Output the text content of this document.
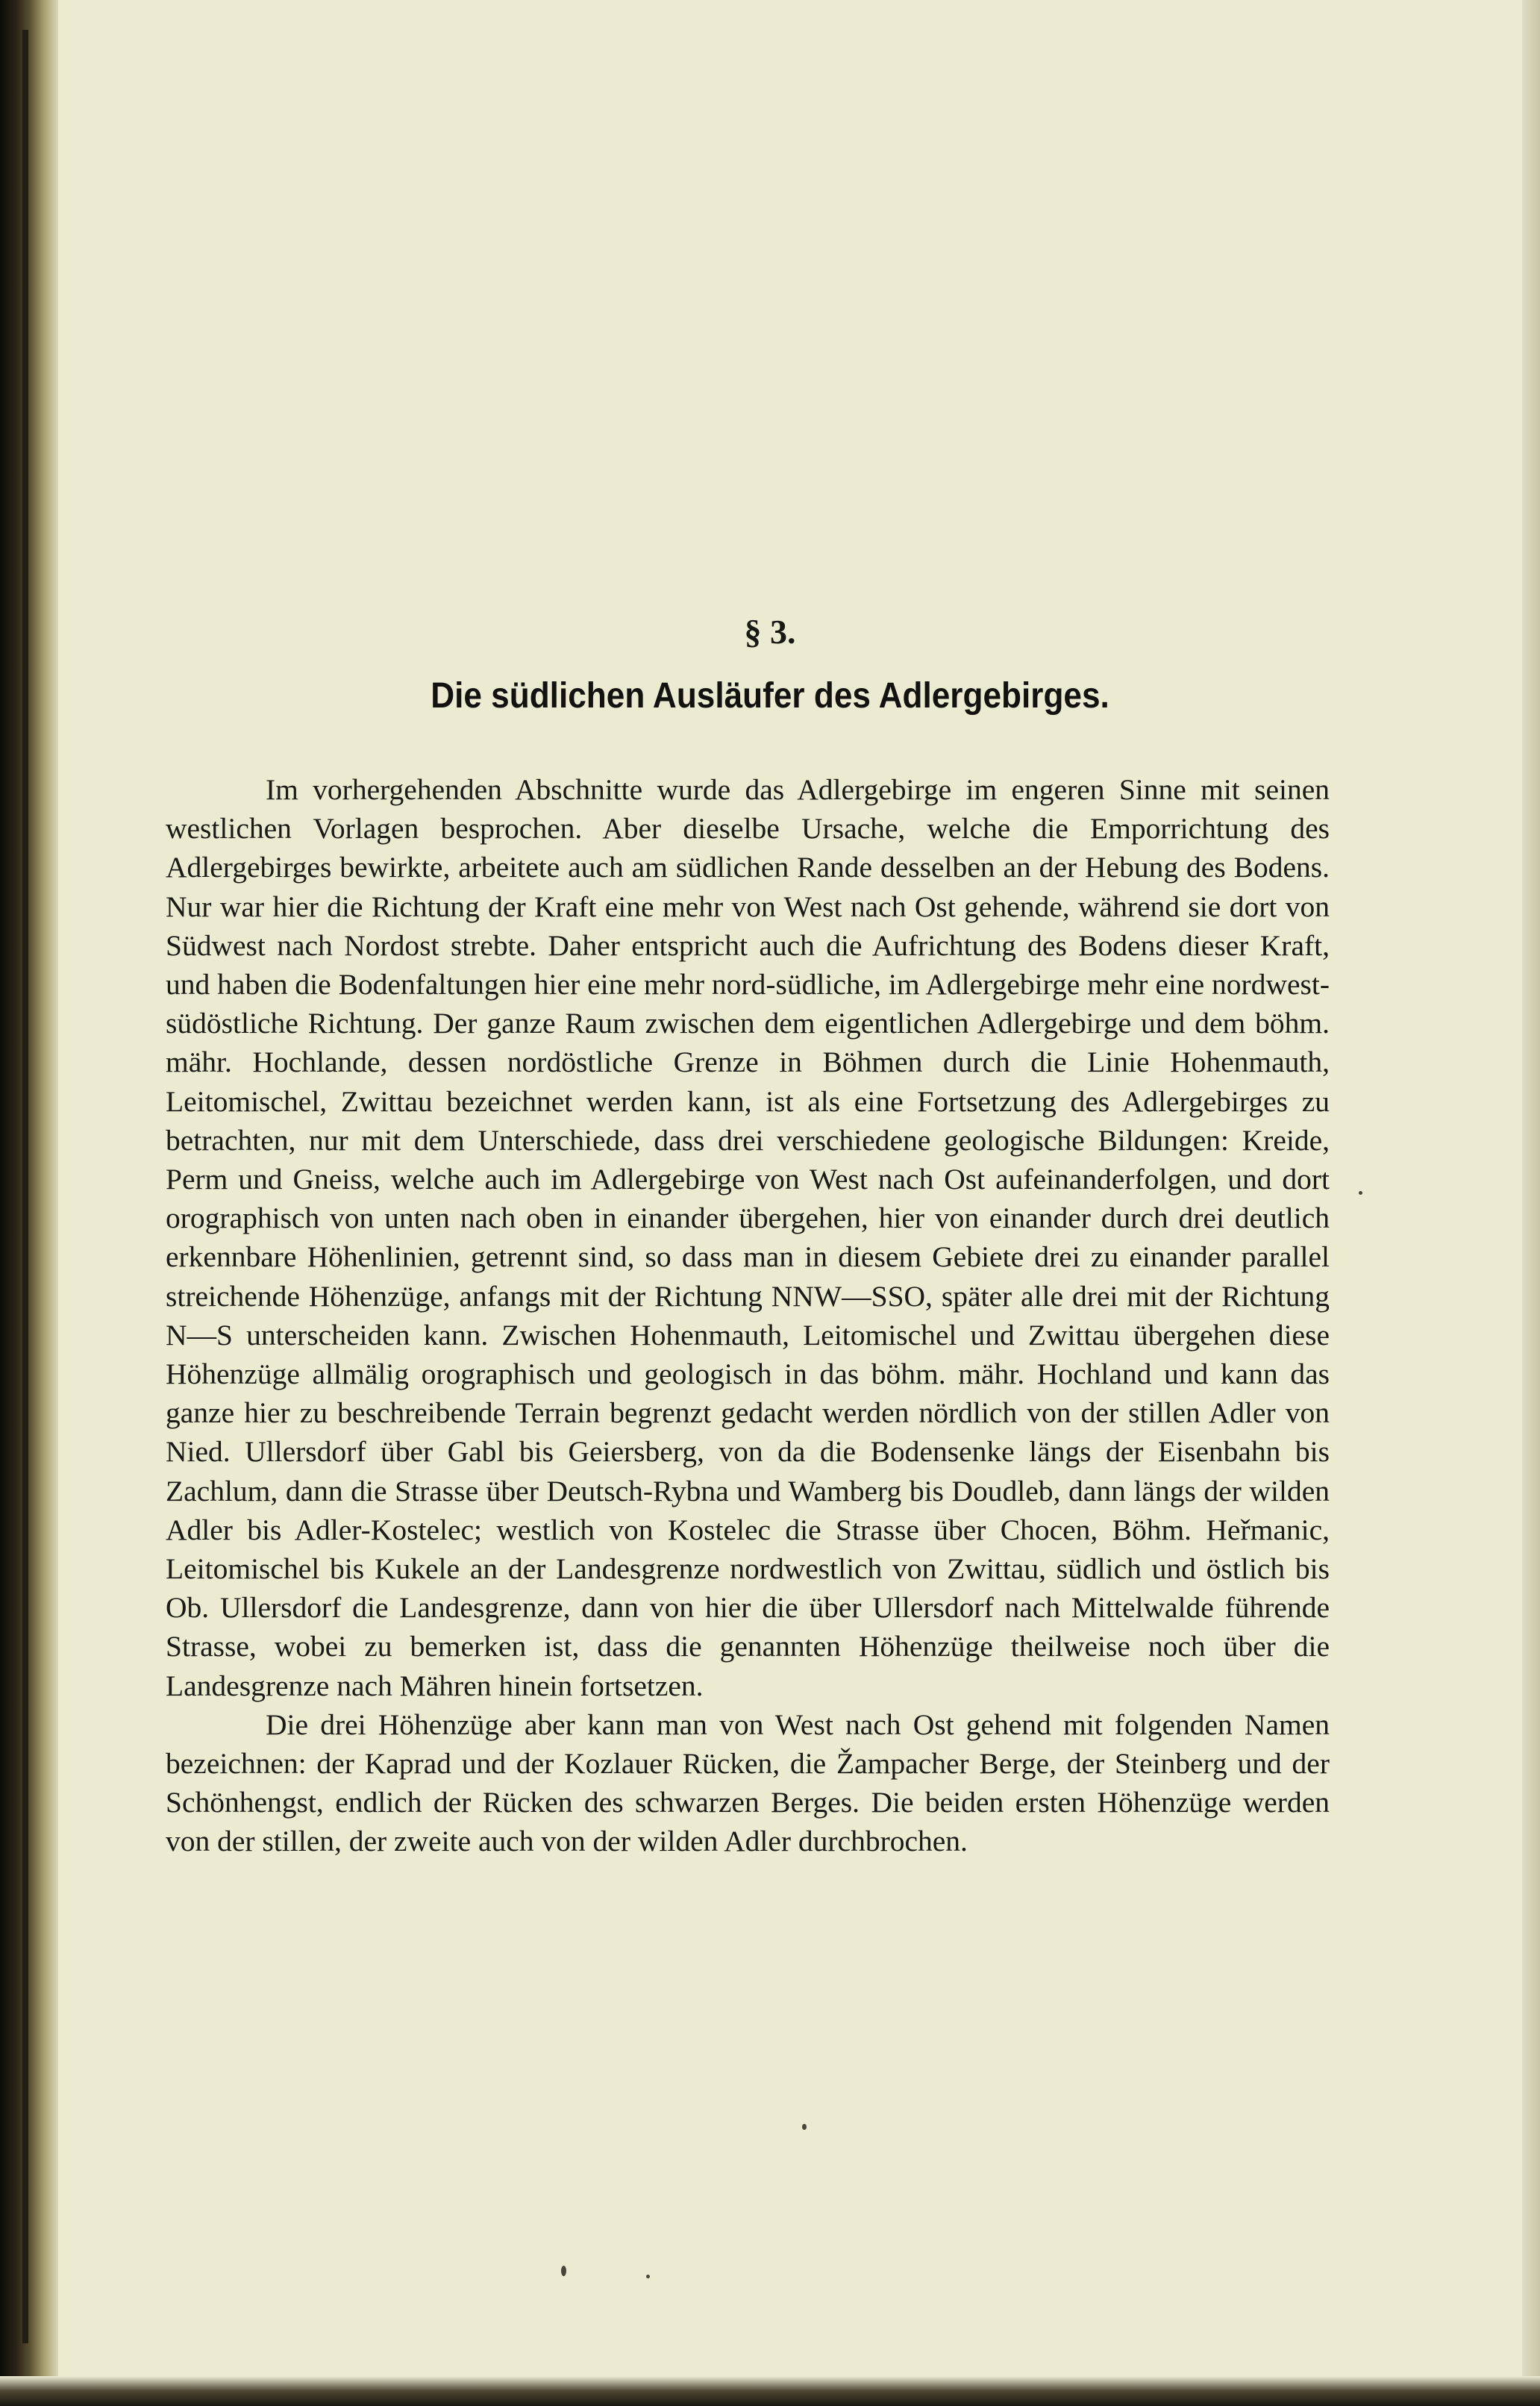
§ 3.
Die südlichen Ausläufer des Adlergebirges.

Im vorhergehenden Abschnitte wurde das Adlergebirge im engeren Sinne mit seinen westlichen Vorlagen besprochen. Aber dieselbe Ursache, welche die Emporrichtung des Adlergebirges bewirkte, arbeitete auch am südlichen Rande desselben an der Hebung des Bodens. Nur war hier die Richtung der Kraft eine mehr von West nach Ost gehende, während sie dort von Südwest nach Nordost strebte. Daher entspricht auch die Aufrichtung des Bodens dieser Kraft, und haben die Bodenfaltungen hier eine mehr nord-südliche, im Adlergebirge mehr eine nordwest-südöstliche Richtung. Der ganze Raum zwischen dem eigentlichen Adlergebirge und dem böhm. mähr. Hochlande, dessen nordöstliche Grenze in Böhmen durch die Linie Hohenmauth, Leitomischel, Zwittau bezeichnet werden kann, ist als eine Fortsetzung des Adlergebirges zu betrachten, nur mit dem Unterschiede, dass drei verschiedene geologische Bildungen: Kreide, Perm und Gneiss, welche auch im Adlergebirge von West nach Ost aufeinanderfolgen, und dort orographisch von unten nach oben in einander übergehen, hier von einander durch drei deutlich erkennbare Höhenlinien, getrennt sind, so dass man in diesem Gebiete drei zu einander parallel streichende Höhenzüge, anfangs mit der Richtung NNW—SSO, später alle drei mit der Richtung N—S unterscheiden kann. Zwischen Hohenmauth, Leitomischel und Zwittau übergehen diese Höhenzüge allmälig orographisch und geologisch in das böhm. mähr. Hochland und kann das ganze hier zu beschreibende Terrain begrenzt gedacht werden nördlich von der stillen Adler von Nied. Ullersdorf über Gabl bis Geiersberg, von da die Bodensenke längs der Eisenbahn bis Zachlum, dann die Strasse über Deutsch-Rybna und Wamberg bis Doudleb, dann längs der wilden Adler bis Adler-Kostelec; westlich von Kostelec die Strasse über Chocen, Böhm. Heřmanic, Leitomischel bis Kukele an der Landesgrenze nordwestlich von Zwittau, südlich und östlich bis Ob. Ullersdorf die Landesgrenze, dann von hier die über Ullersdorf nach Mittelwalde führende Strasse, wobei zu bemerken ist, dass die genannten Höhenzüge theilweise noch über die Landesgrenze nach Mähren hinein fortsetzen.

Die drei Höhenzüge aber kann man von West nach Ost gehend mit folgenden Namen bezeichnen: der Kaprad und der Kozlauer Rücken, die Žampacher Berge, der Steinberg und der Schönhengst, endlich der Rücken des schwarzen Berges. Die beiden ersten Höhenzüge werden von der stillen, der zweite auch von der wilden Adler durchbrochen.
